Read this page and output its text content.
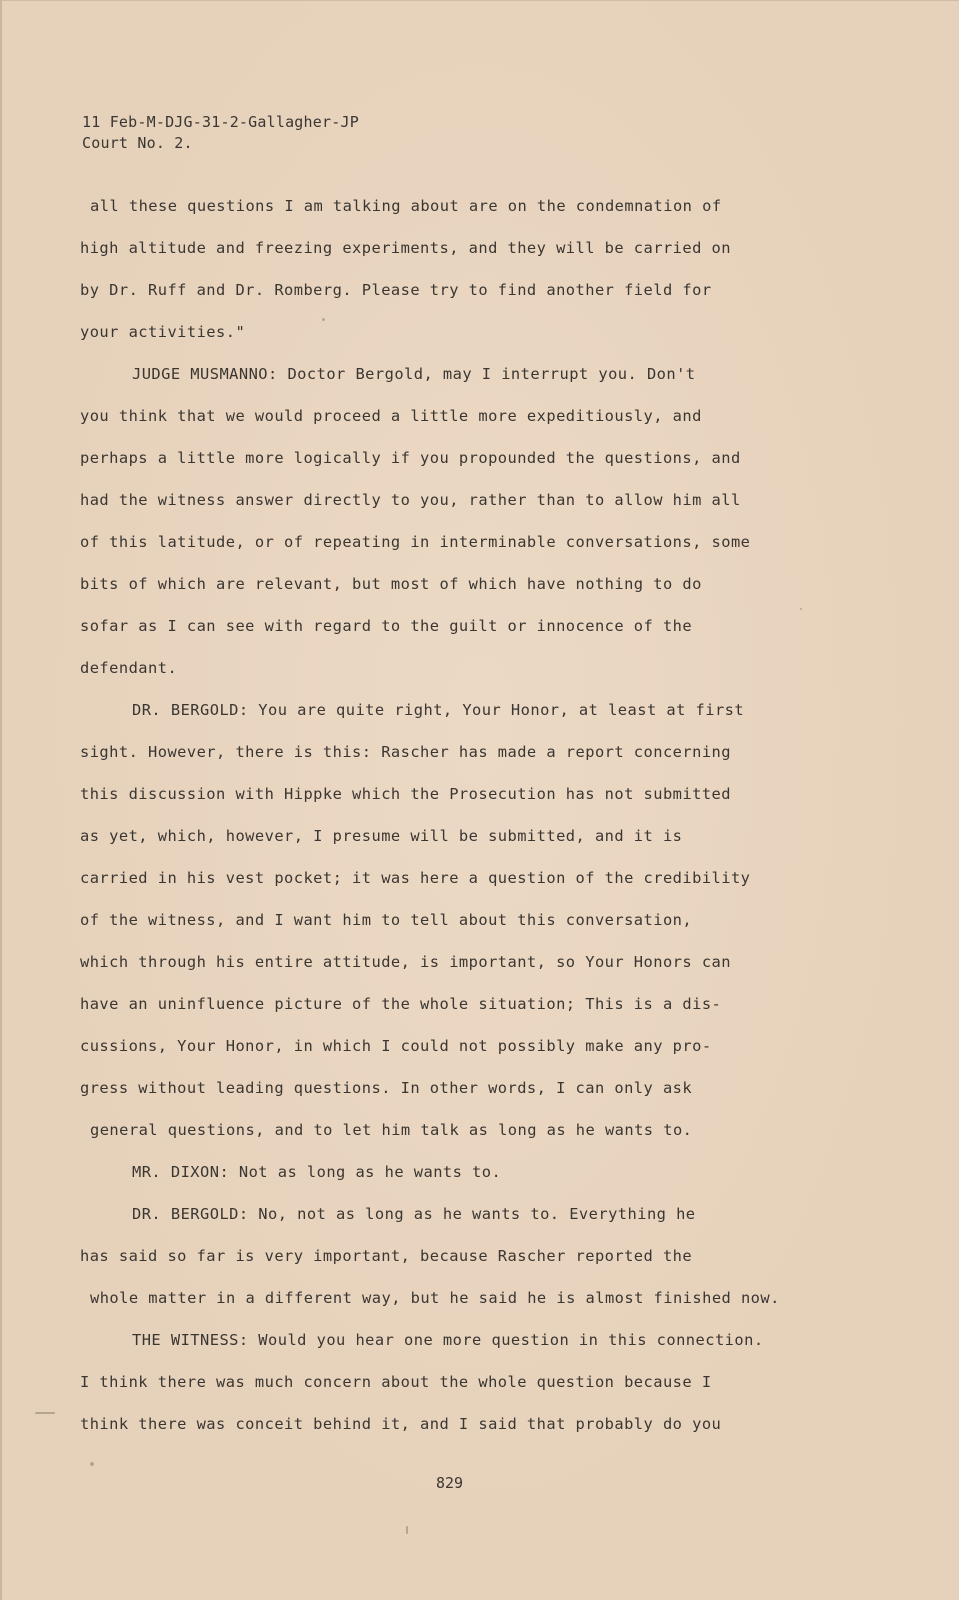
11 Feb-M-DJG-31-2-Gallagher-JP
Court No. 2.
all these questions I am talking about are on the condemnation of
high altitude and freezing experiments, and they will be carried on
by Dr. Ruff and Dr. Romberg. Please try to find another field for
your activities."
JUDGE MUSMANNO: Doctor Bergold, may I interrupt you. Don't
you think that we would proceed a little more expeditiously, and
perhaps a little more logically if you propounded the questions, and
had the witness answer directly to you, rather than to allow him all
of this latitude, or of repeating in interminable conversations, some
bits of which are relevant, but most of which have nothing to do
sofar as I can see with regard to the guilt or innocence of the
defendant.
DR. BERGOLD: You are quite right, Your Honor, at least at first
sight. However, there is this: Rascher has made a report concerning
this discussion with Hippke which the Prosecution has not submitted
as yet, which, however, I presume will be submitted, and it is
carried in his vest pocket; it was here a question of the credibility
of the witness, and I want him to tell about this conversation,
which through his entire attitude, is important, so Your Honors can
have an uninfluence picture of the whole situation; This is a dis-
cussions, Your Honor, in which I could not possibly make any pro-
gress without leading questions. In other words, I can only ask
general questions, and to let him talk as long as he wants to.
MR. DIXON: Not as long as he wants to.
DR. BERGOLD: No, not as long as he wants to. Everything he
has said so far is very important, because Rascher reported the
whole matter in a different way, but he said he is almost finished now.
THE WITNESS: Would you hear one more question in this connection.
I think there was much concern about the whole question because I
think there was conceit behind it, and I said that probably do you
829
